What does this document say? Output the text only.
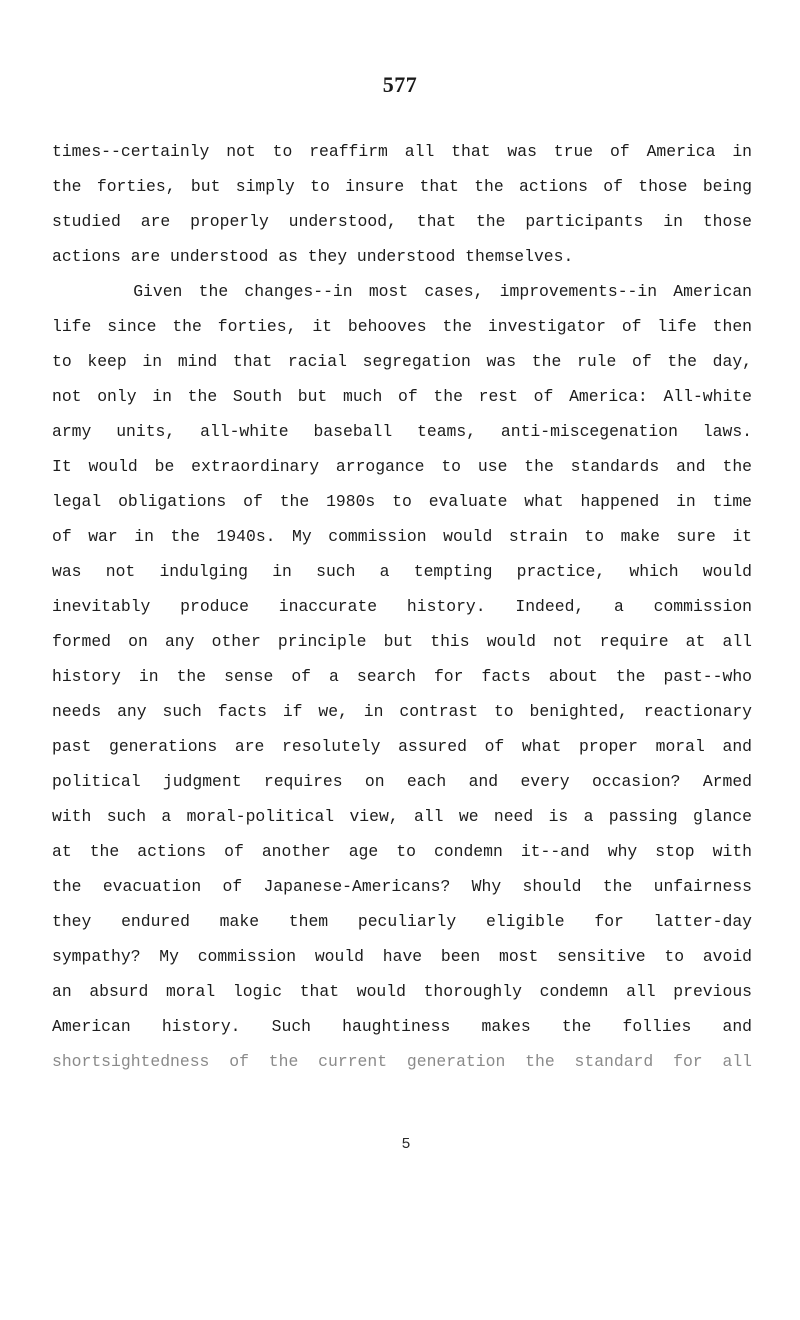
577
times--certainly not to reaffirm all that was true of America in
the forties, but simply to insure that the actions of those being
studied are properly understood, that the participants in those
actions are understood as they understood themselves.
Given the changes--in most cases, improvements--in American
life since the forties, it behooves the investigator of life then
to keep in mind that racial segregation was the rule of the day,
not only in the South but much of the rest of America: All-white
army units, all-white baseball teams, anti-miscegenation laws.
It would be extraordinary arrogance to use the standards and the
legal obligations of the 1980s to evaluate what happened in time
of war in the 1940s. My commission would strain to make sure it
was not indulging in such a tempting practice, which would
inevitably produce inaccurate history. Indeed, a commission
formed on any other principle but this would not require at all
history in the sense of a search for facts about the past--who
needs any such facts if we, in contrast to benighted, reactionary
past generations are resolutely assured of what proper moral and
political judgment requires on each and every occasion? Armed
with such a moral-political view, all we need is a passing glance
at the actions of another age to condemn it--and why stop with
the evacuation of Japanese-Americans? Why should the unfairness
they endured make them peculiarly eligible for latter-day
sympathy? My commission would have been most sensitive to avoid
an absurd moral logic that would thoroughly condemn all previous
American history. Such haughtiness makes the follies and
shortsightedness of the current generation the standard for all
5
